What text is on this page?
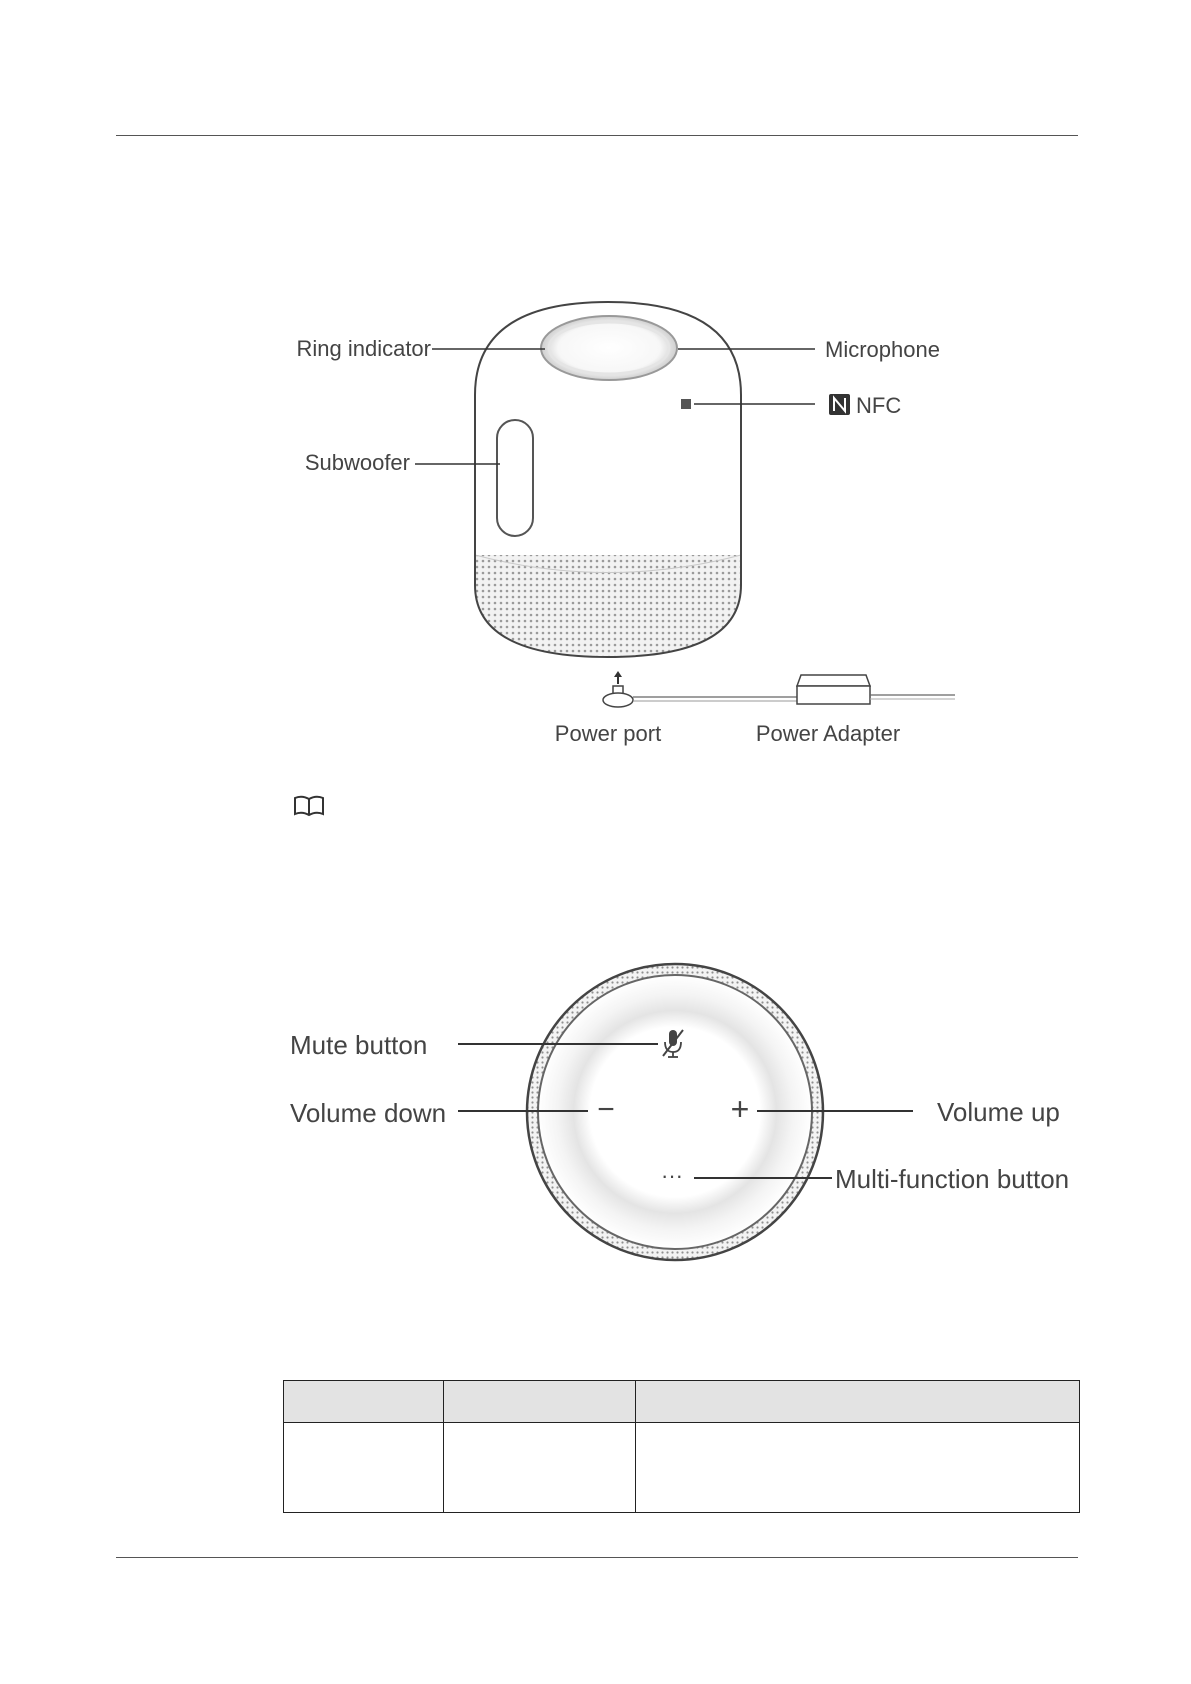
Ring indicator	Microphone
NFC
Subwoofer
Power port	Power Adapter
−	+
···
Mute button
Volume down	Volume up
Multi-function button
